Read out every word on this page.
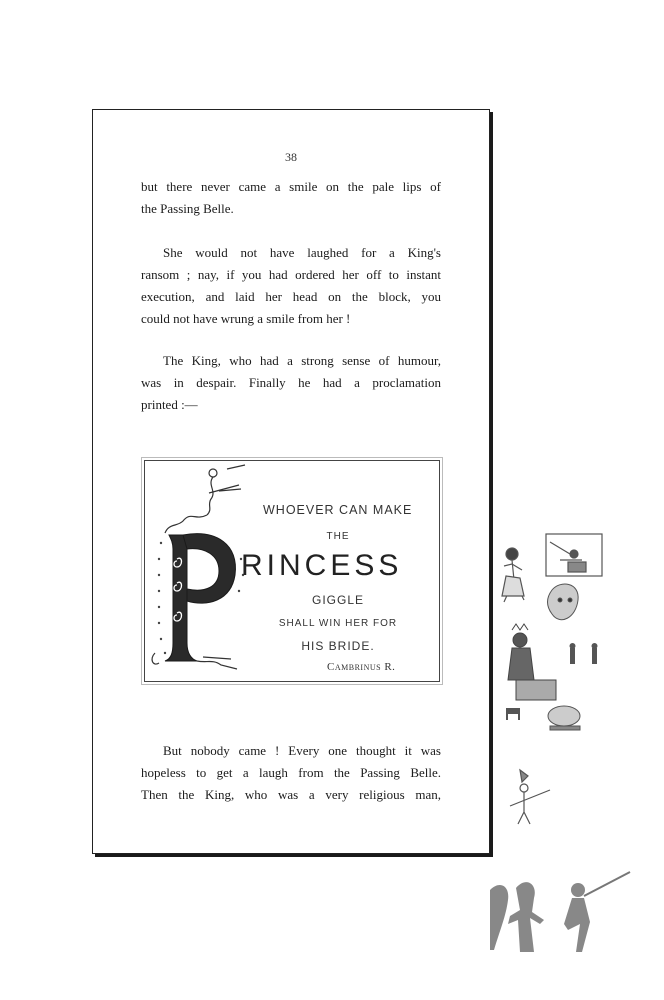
38
but there never came a smile on the pale lips of
the Passing Belle.
She would not have laughed for a King's
ransom ; nay, if you had ordered her off to instant
execution, and laid her head on the block, you
could not have wrung a smile from her !
The King, who had a strong sense of humour,
was in despair. Finally he had a proclamation
printed :—
WHOEVER CAN MAKE
THE
RINCESS
GIGGLE
SHALL WIN HER FOR
HIS BRIDE.
Cambrinus R.
But nobody came ! Every one thought it was
hopeless to get a laugh from the Passing Belle.
Then the King, who was a very religious man,
